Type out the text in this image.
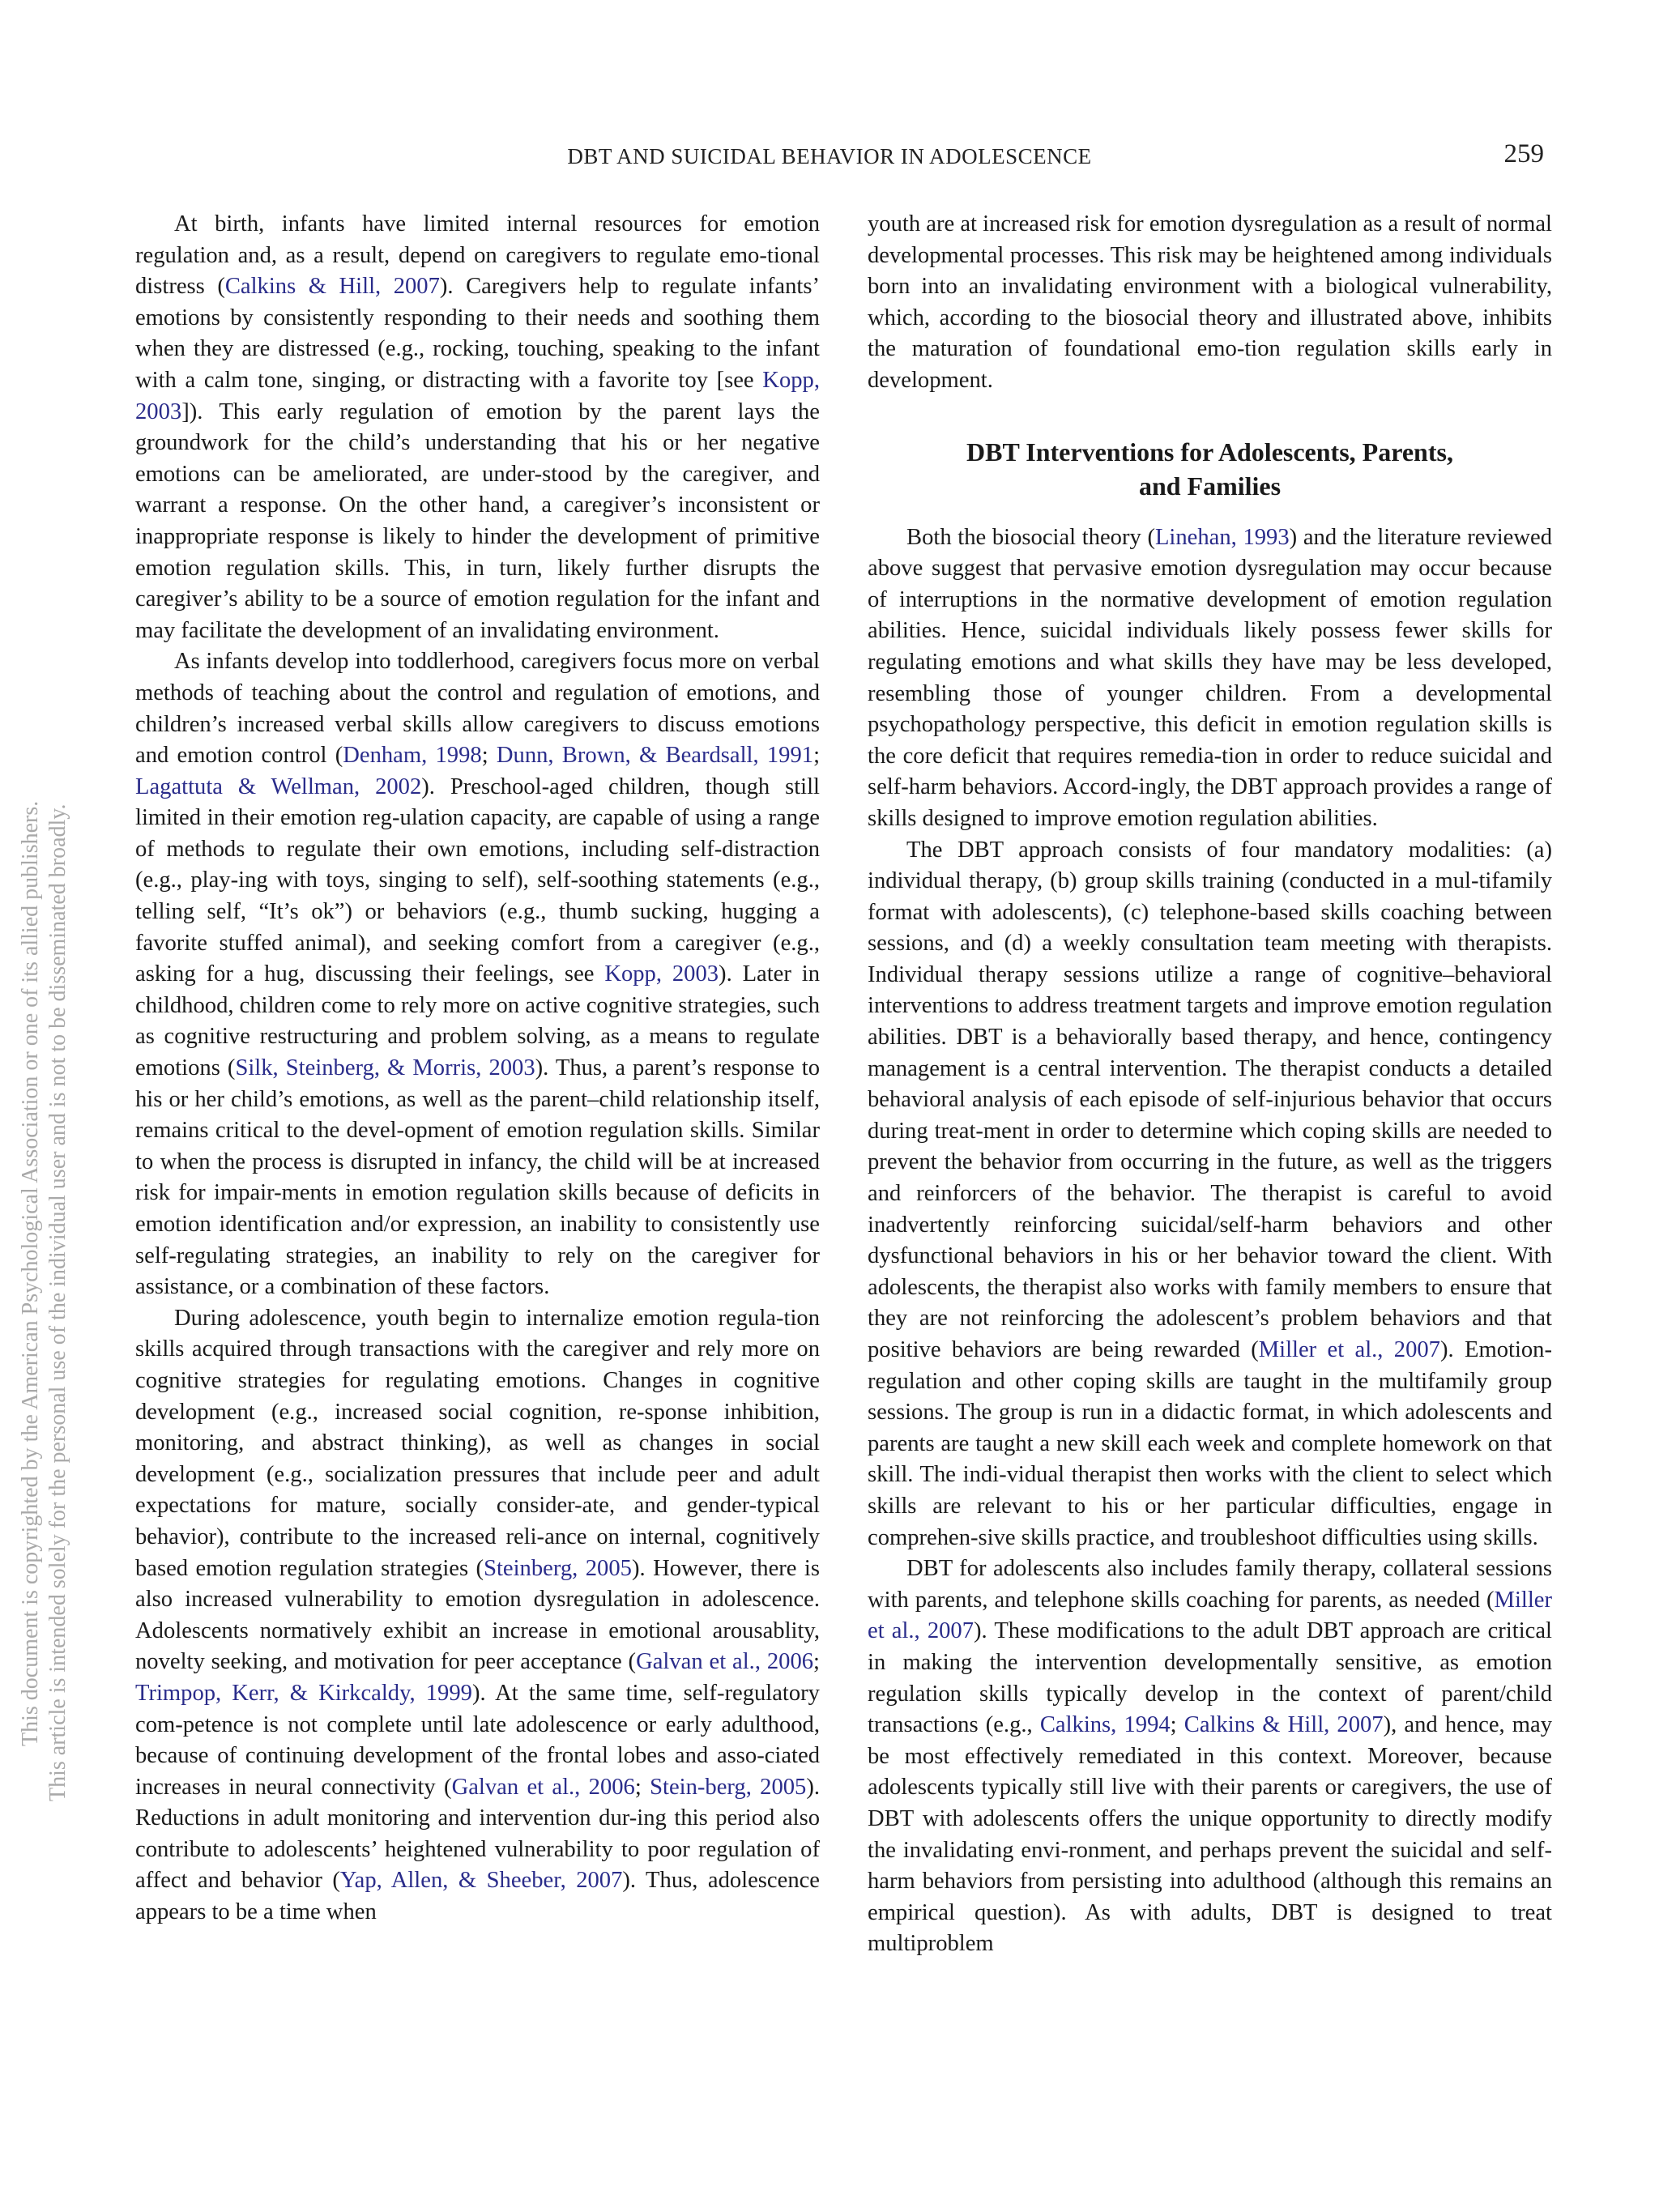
DBT AND SUICIDAL BEHAVIOR IN ADOLESCENCE	259
This document is copyrighted by the American Psychological Association or one of its allied publishers. This article is intended solely for the personal use of the individual user and is not to be disseminated broadly.

At birth, infants have limited internal resources for emotion regulation and, as a result, depend on caregivers to regulate emo-tional distress (Calkins & Hill, 2007). Caregivers help to regulate infants’ emotions by consistently responding to their needs and soothing them when they are distressed (e.g., rocking, touching, speaking to the infant with a calm tone, singing, or distracting with a favorite toy [see Kopp, 2003]). This early regulation of emotion by the parent lays the groundwork for the child’s understanding that his or her negative emotions can be ameliorated, are under-stood by the caregiver, and warrant a response. On the other hand, a caregiver’s inconsistent or inappropriate response is likely to hinder the development of primitive emotion regulation skills. This, in turn, likely further disrupts the caregiver’s ability to be a source of emotion regulation for the infant and may facilitate the development of an invalidating environment.

As infants develop into toddlerhood, caregivers focus more on verbal methods of teaching about the control and regulation of emotions, and children’s increased verbal skills allow caregivers to discuss emotions and emotion control (Denham, 1998; Dunn, Brown, & Beardsall, 1991; Lagattuta & Wellman, 2002). Preschool-aged children, though still limited in their emotion reg-ulation capacity, are capable of using a range of methods to regulate their own emotions, including self-distraction (e.g., play-ing with toys, singing to self), self-soothing statements (e.g., telling self, “It’s ok”) or behaviors (e.g., thumb sucking, hugging a favorite stuffed animal), and seeking comfort from a caregiver (e.g., asking for a hug, discussing their feelings, see Kopp, 2003). Later in childhood, children come to rely more on active cognitive strategies, such as cognitive restructuring and problem solving, as a means to regulate emotions (Silk, Steinberg, & Morris, 2003). Thus, a parent’s response to his or her child’s emotions, as well as the parent–child relationship itself, remains critical to the devel-opment of emotion regulation skills. Similar to when the process is disrupted in infancy, the child will be at increased risk for impair-ments in emotion regulation skills because of deficits in emotion identification and/or expression, an inability to consistently use self-regulating strategies, an inability to rely on the caregiver for assistance, or a combination of these factors.

During adolescence, youth begin to internalize emotion regula-tion skills acquired through transactions with the caregiver and rely more on cognitive strategies for regulating emotions. Changes in cognitive development (e.g., increased social cognition, re-sponse inhibition, monitoring, and abstract thinking), as well as changes in social development (e.g., socialization pressures that include peer and adult expectations for mature, socially consider-ate, and gender-typical behavior), contribute to the increased reli-ance on internal, cognitively based emotion regulation strategies (Steinberg, 2005). However, there is also increased vulnerability to emotion dysregulation in adolescence. Adolescents normatively exhibit an increase in emotional arousablity, novelty seeking, and motivation for peer acceptance (Galvan et al., 2006; Trimpop, Kerr, & Kirkcaldy, 1999). At the same time, self-regulatory com-petence is not complete until late adolescence or early adulthood, because of continuing development of the frontal lobes and asso-ciated increases in neural connectivity (Galvan et al., 2006; Stein-berg, 2005). Reductions in adult monitoring and intervention dur-ing this period also contribute to adolescents’ heightened vulnerability to poor regulation of affect and behavior (Yap, Allen, & Sheeber, 2007). Thus, adolescence appears to be a time when

youth are at increased risk for emotion dysregulation as a result of normal developmental processes. This risk may be heightened among individuals born into an invalidating environment with a biological vulnerability, which, according to the biosocial theory and illustrated above, inhibits the maturation of foundational emo-tion regulation skills early in development.

DBT Interventions for Adolescents, Parents,
and Families

Both the biosocial theory (Linehan, 1993) and the literature reviewed above suggest that pervasive emotion dysregulation may occur because of interruptions in the normative development of emotion regulation abilities. Hence, suicidal individuals likely possess fewer skills for regulating emotions and what skills they have may be less developed, resembling those of younger children. From a developmental psychopathology perspective, this deficit in emotion regulation skills is the core deficit that requires remedia-tion in order to reduce suicidal and self-harm behaviors. Accord-ingly, the DBT approach provides a range of skills designed to improve emotion regulation abilities.

The DBT approach consists of four mandatory modalities: (a) individual therapy, (b) group skills training (conducted in a mul-tifamily format with adolescents), (c) telephone-based skills coaching between sessions, and (d) a weekly consultation team meeting with therapists. Individual therapy sessions utilize a range of cognitive–behavioral interventions to address treatment targets and improve emotion regulation abilities. DBT is a behaviorally based therapy, and hence, contingency management is a central intervention. The therapist conducts a detailed behavioral analysis of each episode of self-injurious behavior that occurs during treat-ment in order to determine which coping skills are needed to prevent the behavior from occurring in the future, as well as the triggers and reinforcers of the behavior. The therapist is careful to avoid inadvertently reinforcing suicidal/self-harm behaviors and other dysfunctional behaviors in his or her behavior toward the client. With adolescents, the therapist also works with family members to ensure that they are not reinforcing the adolescent’s problem behaviors and that positive behaviors are being rewarded (Miller et al., 2007). Emotion-regulation and other coping skills are taught in the multifamily group sessions. The group is run in a didactic format, in which adolescents and parents are taught a new skill each week and complete homework on that skill. The indi-vidual therapist then works with the client to select which skills are relevant to his or her particular difficulties, engage in comprehen-sive skills practice, and troubleshoot difficulties using skills.

DBT for adolescents also includes family therapy, collateral sessions with parents, and telephone skills coaching for parents, as needed (Miller et al., 2007). These modifications to the adult DBT approach are critical in making the intervention developmentally sensitive, as emotion regulation skills typically develop in the context of parent/child transactions (e.g., Calkins, 1994; Calkins & Hill, 2007), and hence, may be most effectively remediated in this context. Moreover, because adolescents typically still live with their parents or caregivers, the use of DBT with adolescents offers the unique opportunity to directly modify the invalidating envi-ronment, and perhaps prevent the suicidal and self-harm behaviors from persisting into adulthood (although this remains an empirical question). As with adults, DBT is designed to treat multiproblem
